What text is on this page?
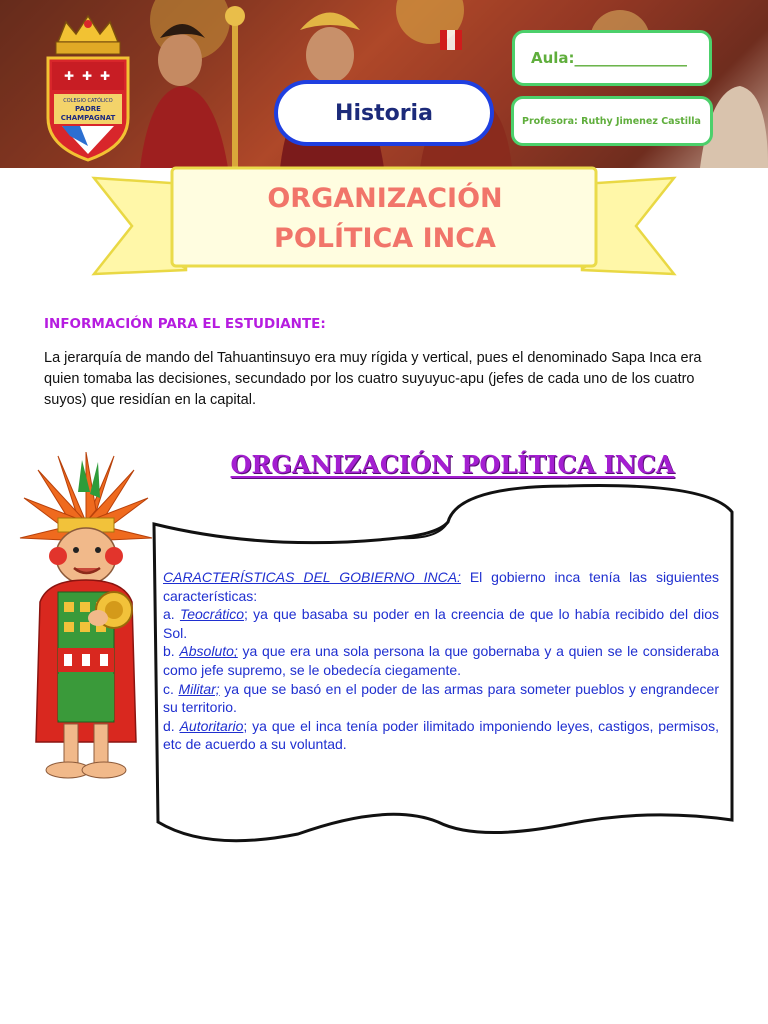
✚ ✚ ✚
COLEGIO CATÓLICO
PADRE
CHAMPAGNAT	Historia
Aula:_______________
Profesora: Ruthy Jimenez Castilla
ORGANIZACIÓN
POLÍTICA INCA
INFORMACIÓN PARA EL ESTUDIANTE:
La jerarquía de mando del Tahuantinsuyo era muy rígida y vertical, pues el denominado Sapa Inca era quien tomaba las decisiones, secundado por los cuatro suyuyuc-apu (jefes de cada uno de los cuatro suyos) que residían en la capital.
ORGANIZACIÓN POLÍTICA INCA

CARACTERÍSTICAS DEL GOBIERNO INCA: El gobierno inca tenía las siguientes características:

a. Teocrático; ya que basaba su poder en la creencia de que lo había recibido del dios Sol.

b. Absoluto; ya que era una sola persona la que gobernaba y a quien se le consideraba como jefe supremo, se le obedecía ciegamente.

c. Militar; ya que se basó en el poder de las armas para someter pueblos y engrandecer su territorio.

d. Autoritario; ya que el inca tenía poder ilimitado imponiendo leyes, castigos, permisos, etc de acuerdo a su voluntad.
